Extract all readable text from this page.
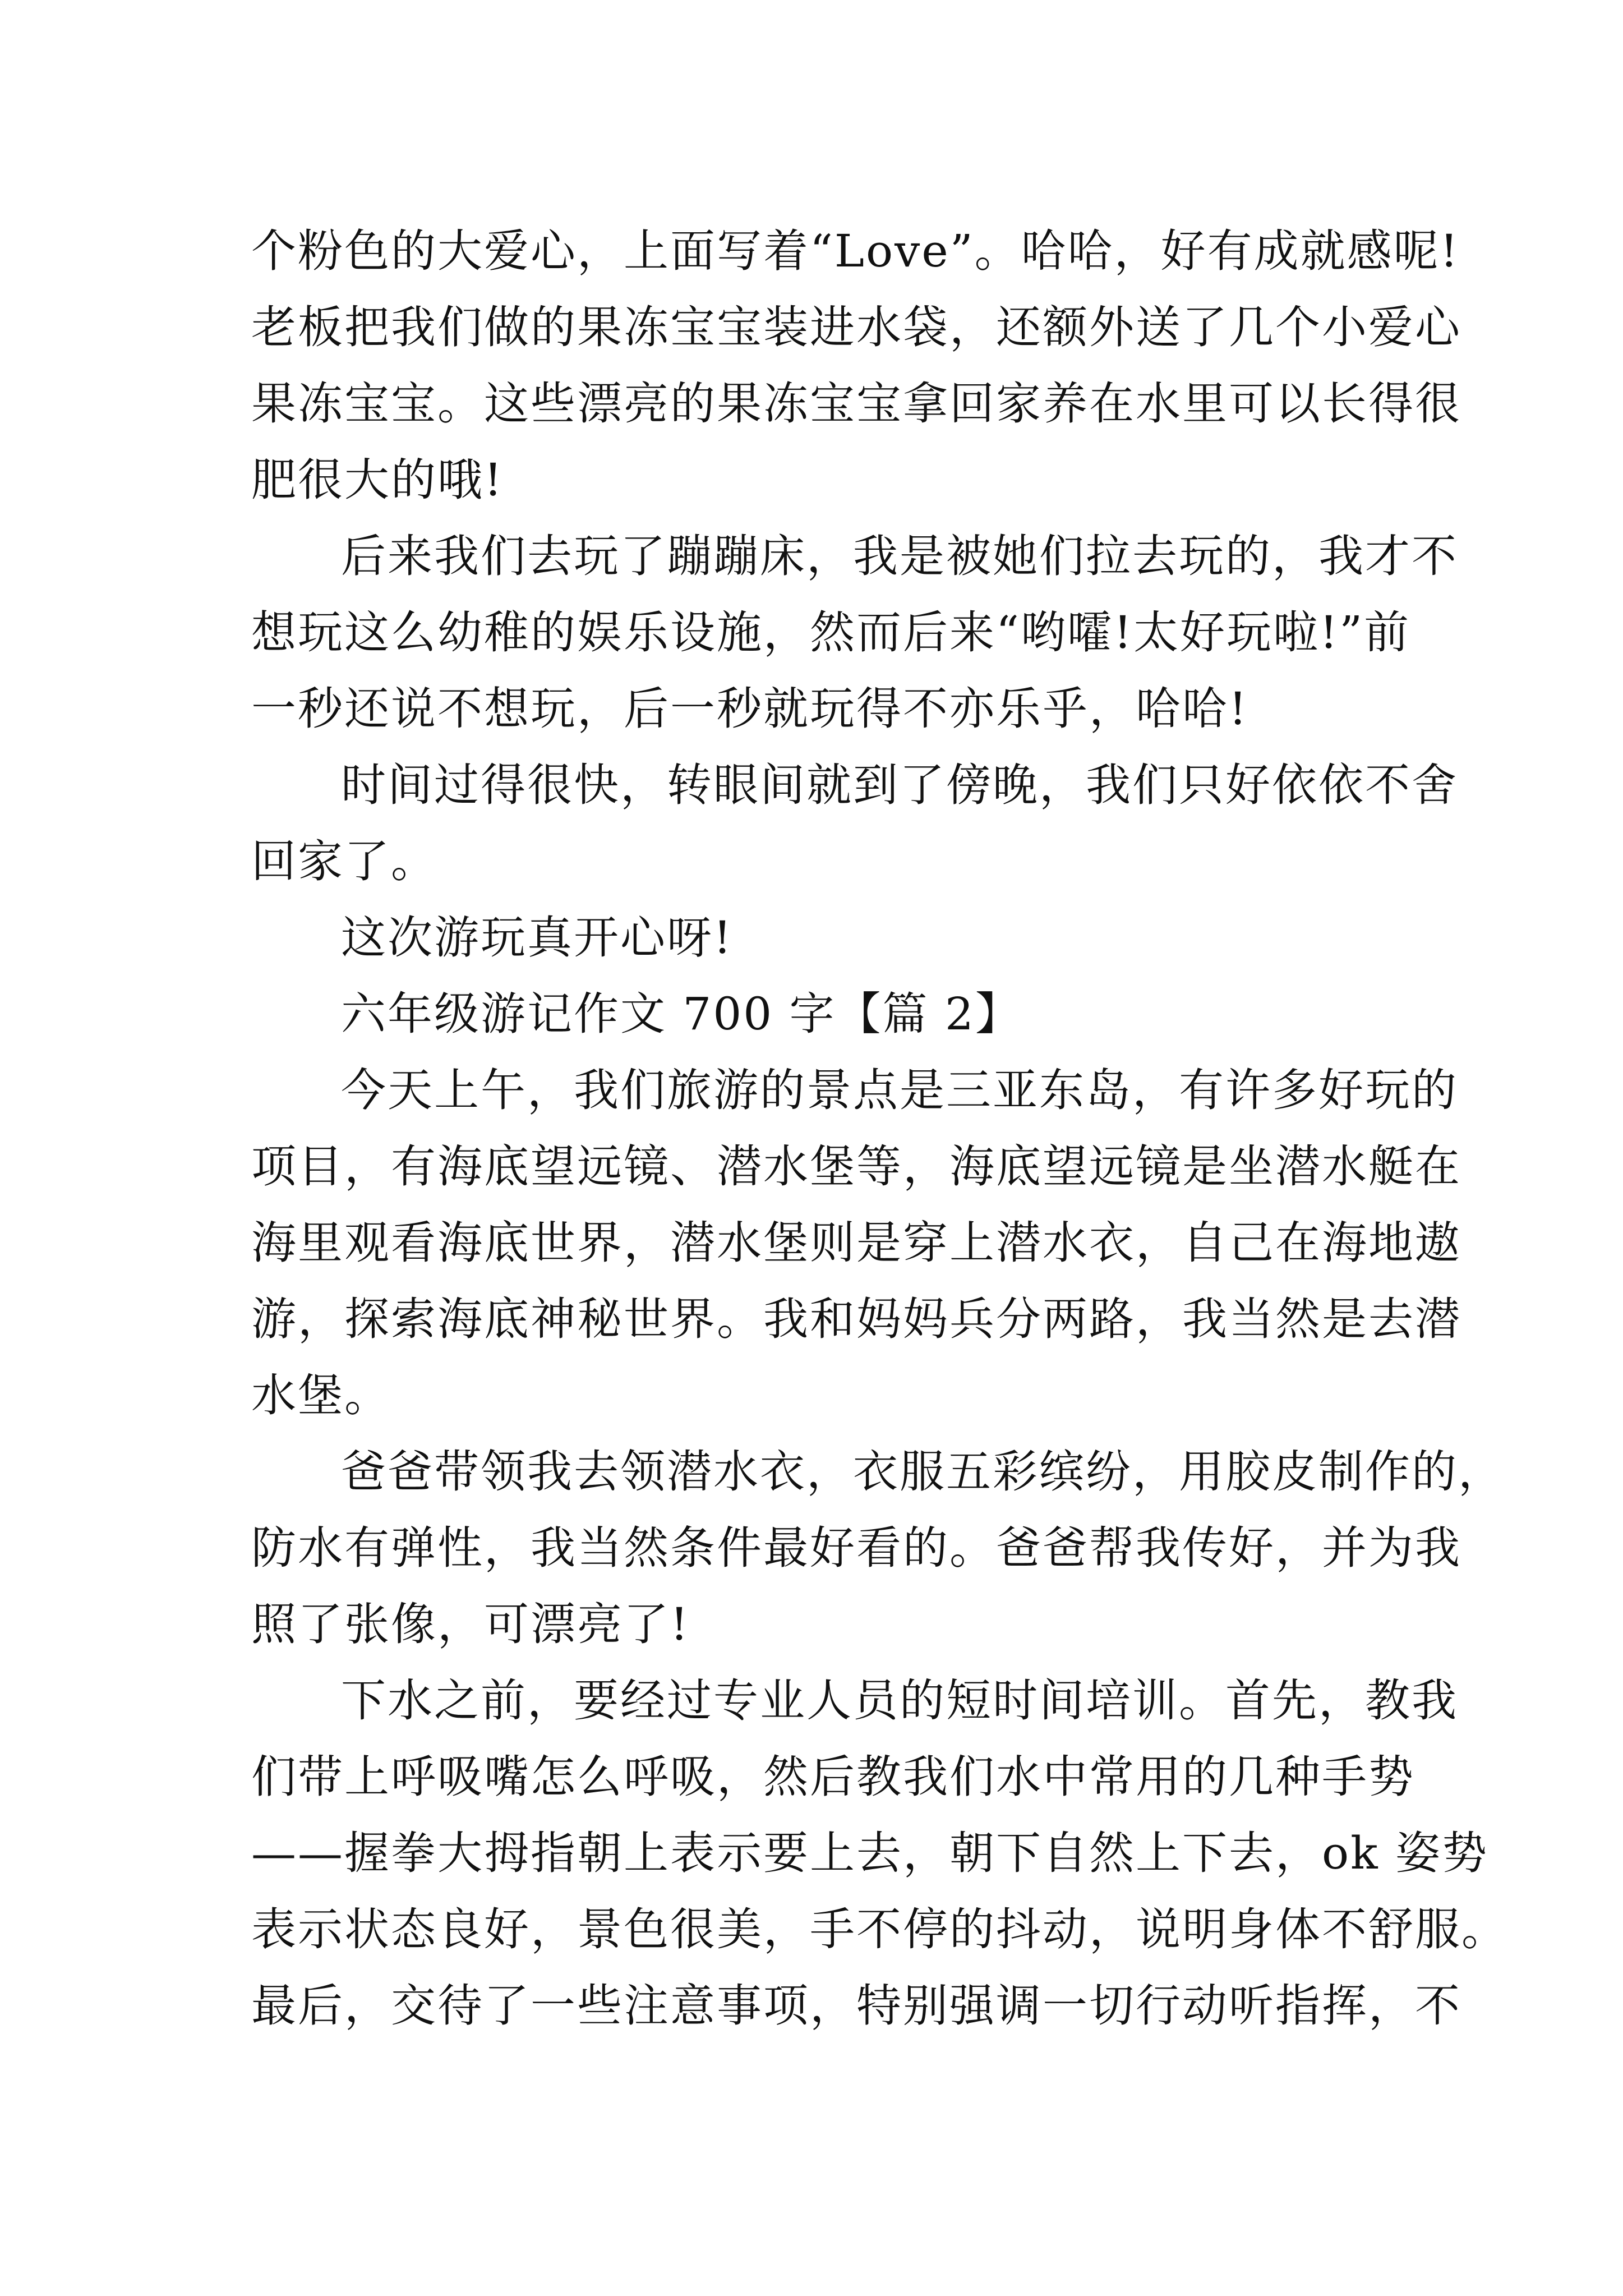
个粉色的大爱心，上面写着“Love”。哈哈，好有成就感呢!
老板把我们做的果冻宝宝装进水袋，还额外送了几个小爱心
果冻宝宝。这些漂亮的果冻宝宝拿回家养在水里可以长得很
肥很大的哦!
后来我们去玩了蹦蹦床，我是被她们拉去玩的，我才不
想玩这么幼稚的娱乐设施，然而后来“哟嚯!太好玩啦!”前
一秒还说不想玩，后一秒就玩得不亦乐乎，哈哈!
时间过得很快，转眼间就到了傍晚，我们只好依依不舍
回家了。
这次游玩真开心呀!
六年级游记作文 700 字【篇 2】
今天上午，我们旅游的景点是三亚东岛，有许多好玩的
项目，有海底望远镜、潜水堡等，海底望远镜是坐潜水艇在
海里观看海底世界，潜水堡则是穿上潜水衣，自己在海地遨
游，探索海底神秘世界。我和妈妈兵分两路，我当然是去潜
水堡。
爸爸带领我去领潜水衣，衣服五彩缤纷，用胶皮制作的，
防水有弹性，我当然条件最好看的。爸爸帮我传好，并为我
照了张像，可漂亮了!
下水之前，要经过专业人员的短时间培训。首先，教我
们带上呼吸嘴怎么呼吸，然后教我们水中常用的几种手势
——握拳大拇指朝上表示要上去，朝下自然上下去，ok 姿势
表示状态良好，景色很美，手不停的抖动，说明身体不舒服。
最后，交待了一些注意事项，特别强调一切行动听指挥，不
